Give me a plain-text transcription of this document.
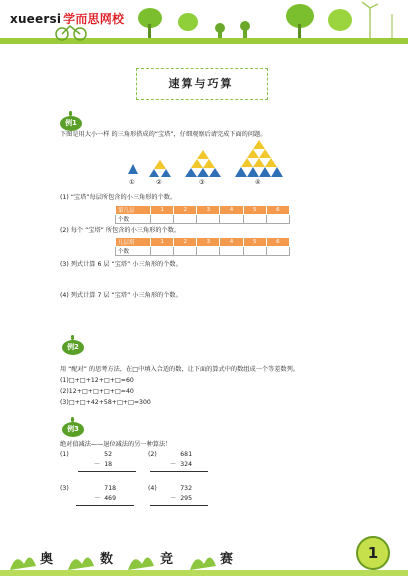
xueersi 学而思网校
速算与巧算
例1
下图是用大小一样 的三角形搭成的“宝塔”，仔细观察后请完成下面的问题。
①	②	③	④
(1) “宝塔”每层所包含的小三角形的个数。
第几层	1	2	3	4	5	6
个数						
(2) 每个 “宝塔” 所包含的小三角形的个数。
几层塔	1	2	3	4	5	6
个数						
(3) 列式计算 6 层 “宝塔” 小三角形的个数。
(4) 列式计算 7 层 “宝塔” 小三角形的个数。
例2
用 “配对” 的思考方法，在□中填入合适的数，让下面的算式中的数组成一个等差数列。
(1)□+□+12+□+□=60
(2)12+□+□+□+□=40
(3)□+□+42+58+□+□=300
例3
绝对值减法——退位减法的另一种算法！
(1)	52
－ 18
(2)	681
－ 324
(3)	718
－ 469
(4)	732
－ 295
奥	数	竞	赛	1
